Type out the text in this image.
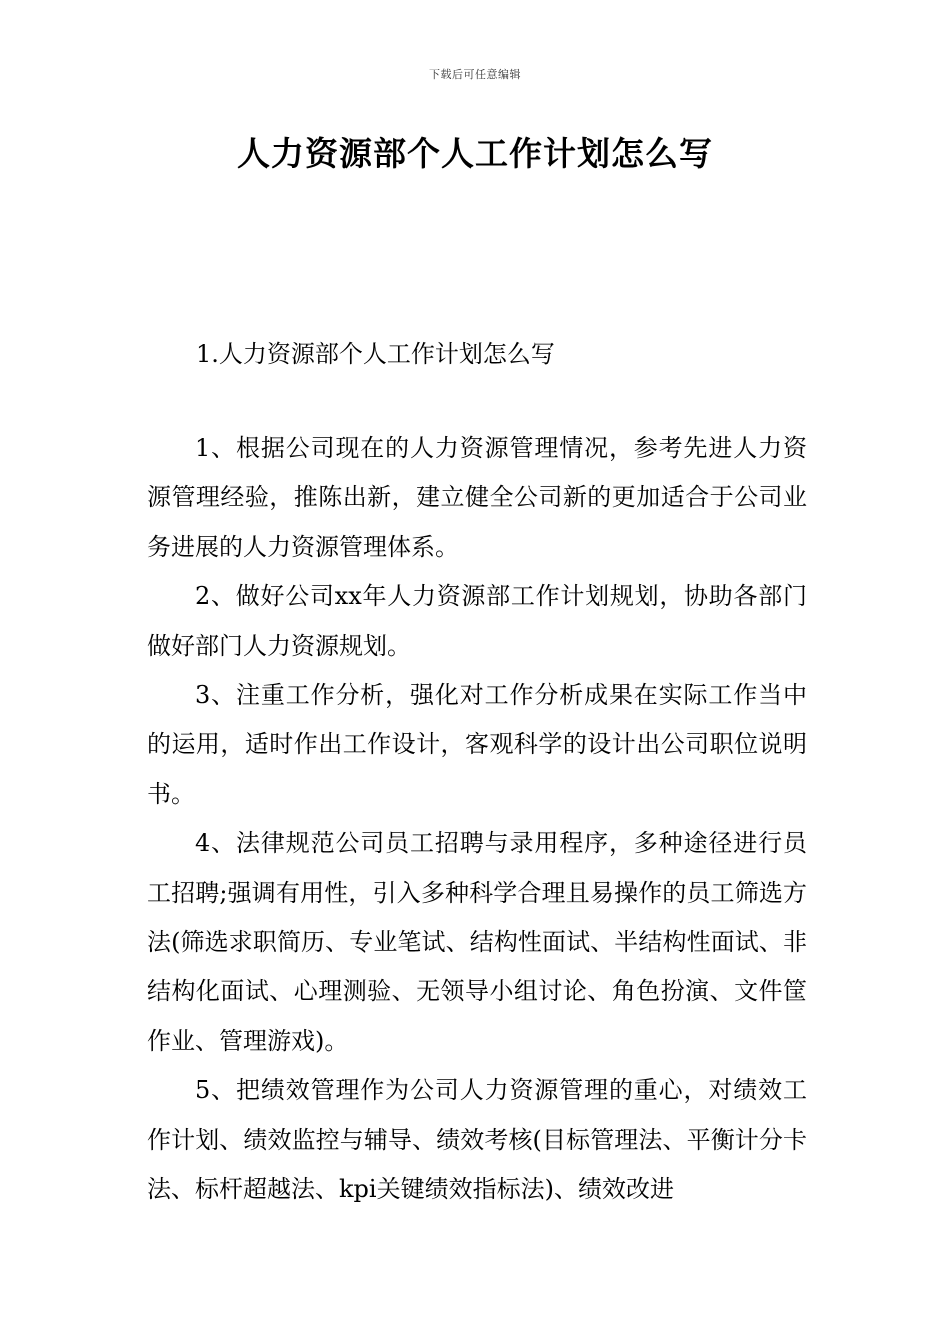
下载后可任意编辑
人力资源部个人工作计划怎么写
1.人力资源部个人工作计划怎么写

1、根据公司现在的人力资源管理情况，参考先进人力资源管理经验，推陈出新，建立健全公司新的更加适合于公司业务进展的人力资源管理体系。

2、做好公司xx年人力资源部工作计划规划，协助各部门做好部门人力资源规划。

3、注重工作分析，强化对工作分析成果在实际工作当中的运用，适时作出工作设计，客观科学的设计出公司职位说明书。

4、法律规范公司员工招聘与录用程序，多种途径进行员工招聘;强调有用性，引入多种科学合理且易操作的员工筛选方法(筛选求职简历、专业笔试、结构性面试、半结构性面试、非结构化面试、心理测验、无领导小组讨论、角色扮演、文件筐作业、管理游戏)。

5、把绩效管理作为公司人力资源管理的重心，对绩效工作计划、绩效监控与辅导、绩效考核(目标管理法、平衡计分卡法、标杆超越法、kpi关键绩效指标法)、绩效改进
